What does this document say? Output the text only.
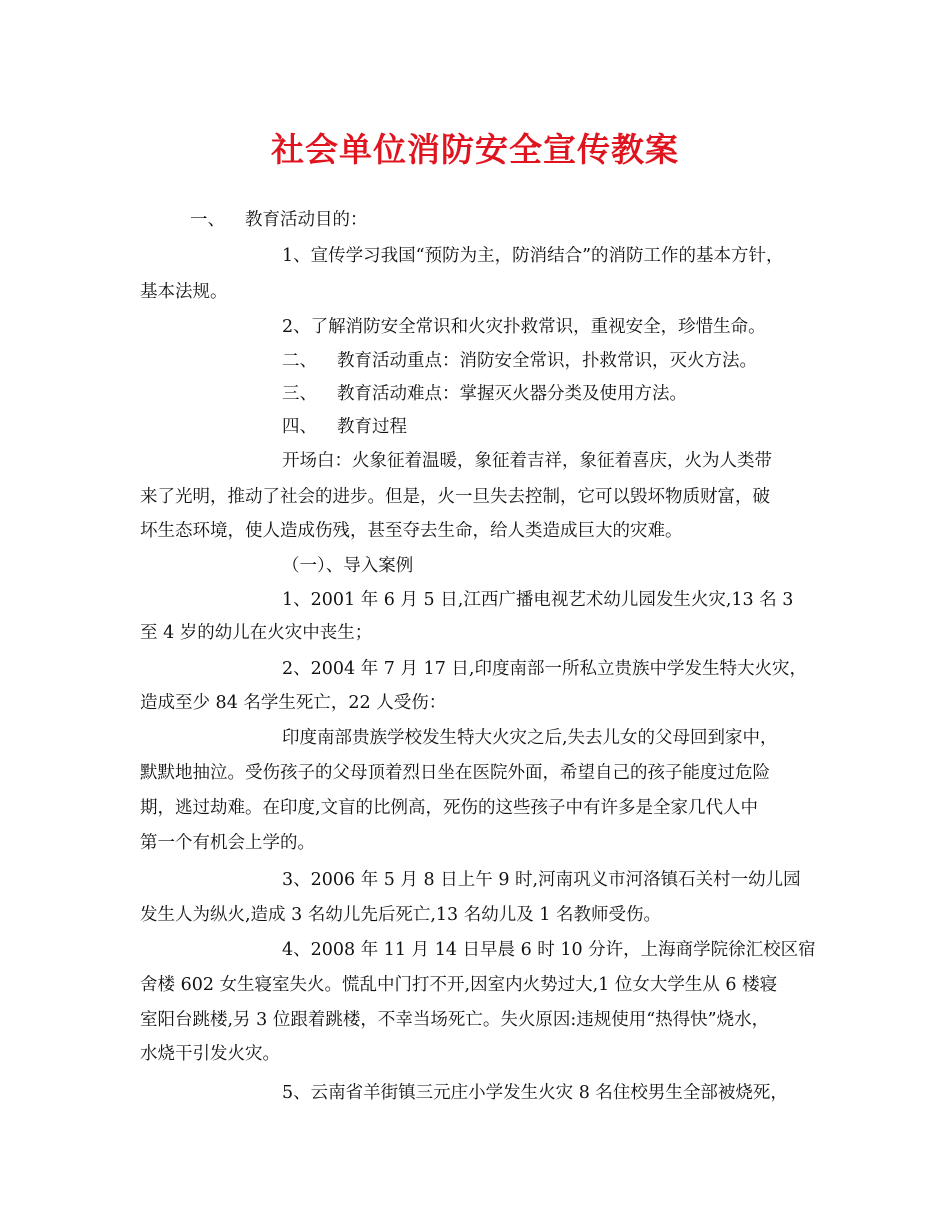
社会单位消防安全宣传教案
一、 教育活动目的：
1、宣传学习我国“预防为主，防消结合”的消防工作的基本方针，
基本法规。
2、了解消防安全常识和火灾扑救常识，重视安全，珍惜生命。
二、 教育活动重点：消防安全常识，扑救常识，灭火方法。
三、 教育活动难点：掌握灭火器分类及使用方法。
四、 教育过程
开场白：火象征着温暖，象征着吉祥，象征着喜庆，火为人类带
来了光明，推动了社会的进步。但是，火一旦失去控制，它可以毁坏物质财富，破
坏生态环境，使人造成伤残，甚至夺去生命，给人类造成巨大的灾难。
（一）、导入案例
1、2001 年 6 月 5 日,江西广播电视艺术幼儿园发生火灾,13 名 3
至 4 岁的幼儿在火灾中丧生；
2、2004 年 7 月 17 日,印度南部一所私立贵族中学发生特大火灾，
造成至少 84 名学生死亡，22 人受伤：
印度南部贵族学校发生特大火灾之后,失去儿女的父母回到家中，
默默地抽泣。受伤孩子的父母顶着烈日坐在医院外面，希望自己的孩子能度过危险
期，逃过劫难。在印度,文盲的比例高，死伤的这些孩子中有许多是全家几代人中
第一个有机会上学的。
3、2006 年 5 月 8 日上午 9 时,河南巩义市河洛镇石关村一幼儿园
发生人为纵火,造成 3 名幼儿先后死亡,13 名幼儿及 1 名教师受伤。
4、2008 年 11 月 14 日早晨 6 时 10 分许，上海商学院徐汇校区宿
舍楼 602 女生寝室失火。慌乱中门打不开,因室内火势过大,1 位女大学生从 6 楼寝
室阳台跳楼,另 3 位跟着跳楼，不幸当场死亡。失火原因:违规使用“热得快”烧水，
水烧干引发火灾。
5、云南省羊街镇三元庄小学发生火灾 8 名住校男生全部被烧死，
